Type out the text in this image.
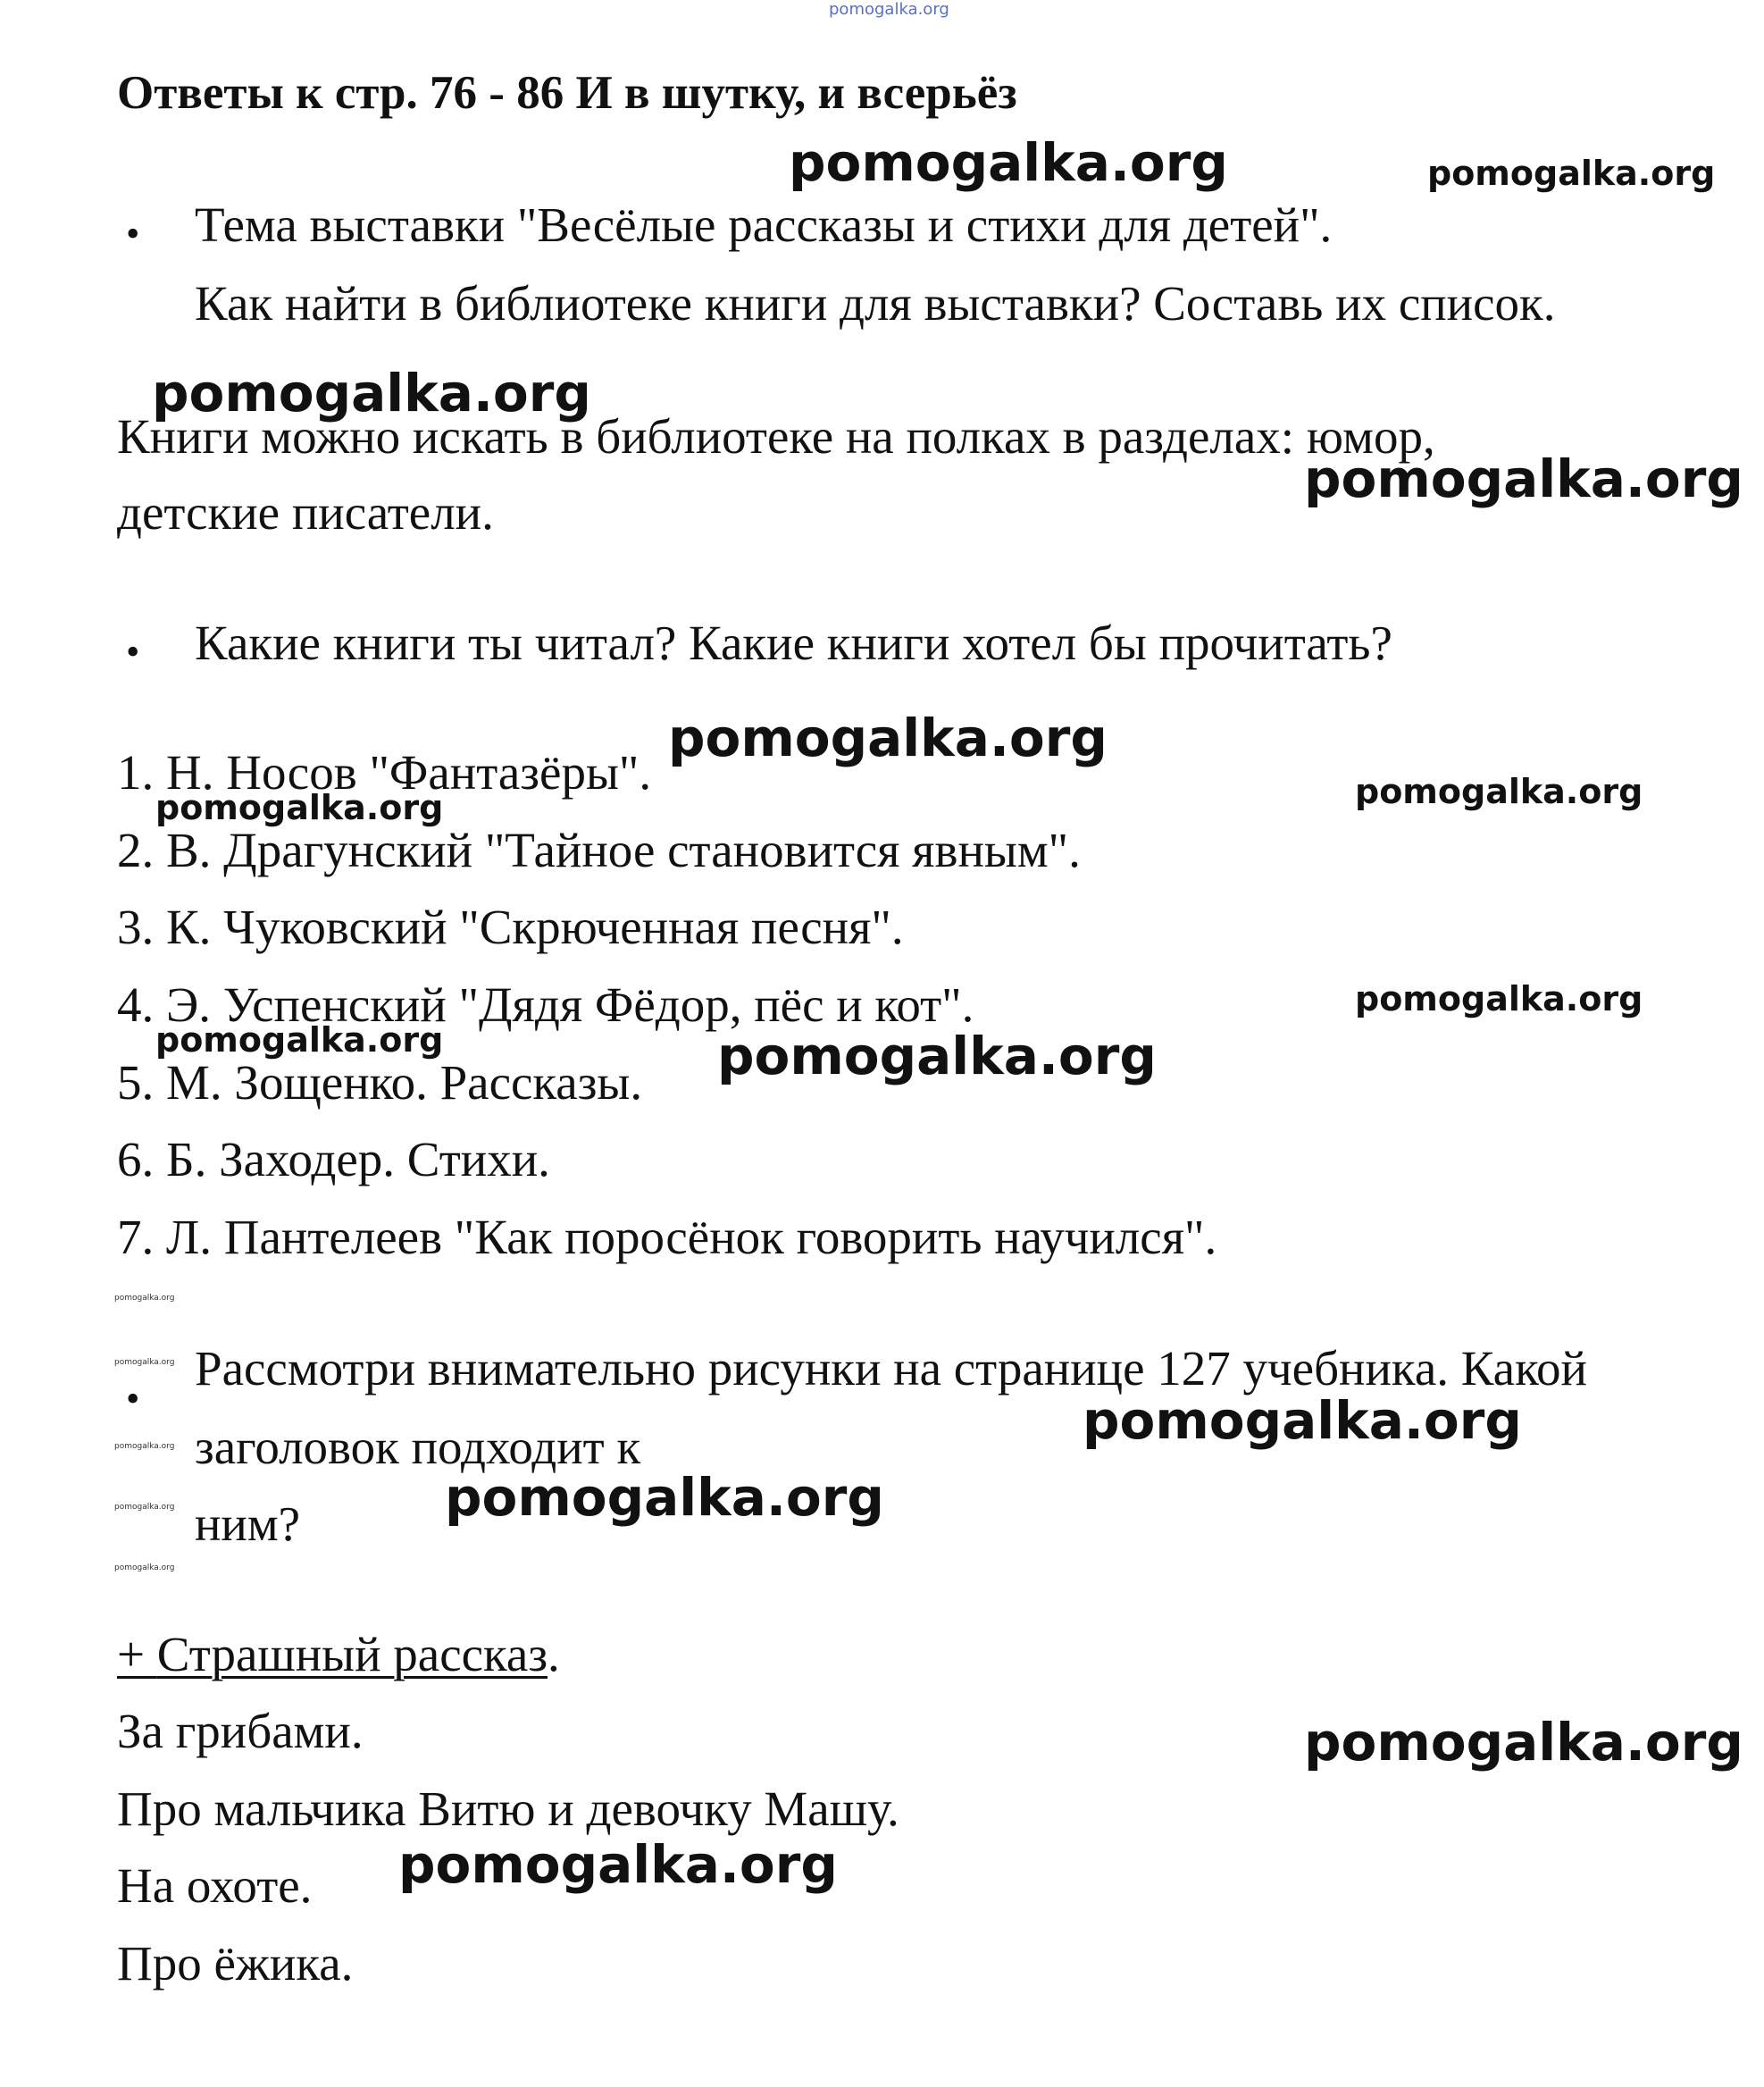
pomogalka.org
Ответы к стр. 76 - 86 И в шутку, и всерьёз
• Тема выставки "Весёлые рассказы и стихи для детей".
Как найти в библиотеке книги для выставки? Составь их список.
Книги можно искать в библиотеке на полках в разделах: юмор,
детские писатели.
• Какие книги ты читал? Какие книги хотел бы прочитать?
1. Н. Носов "Фантазёры".
2. В. Драгунский "Тайное становится явным".
3. К. Чуковский "Скрюченная песня".
4. Э. Успенский "Дядя Фёдор, пёс и кот".
5. М. Зощенко. Рассказы.
6. Б. Заходер. Стихи.
7. Л. Пантелеев "Как поросёнок говорить научился".
•
Рассмотри внимательно рисунки на странице 127 учебника. Какой
заголовок подходит к
ним?
+ Страшный рассказ.
За грибами.
Про мальчика Витю и девочку Машу.
На охоте.
Про ёжика.
pomogalka.org	pomogalka.org
pomogalka.org
pomogalka.org
pomogalka.org
pomogalka.org
pomogalka.org
pomogalka.org
pomogalka.org	pomogalka.org
pomogalka.org
pomogalka.org
pomogalka.org
pomogalka.org
pomogalka.org
pomogalka.org
pomogalka.org
pomogalka.org
pomogalka.org
